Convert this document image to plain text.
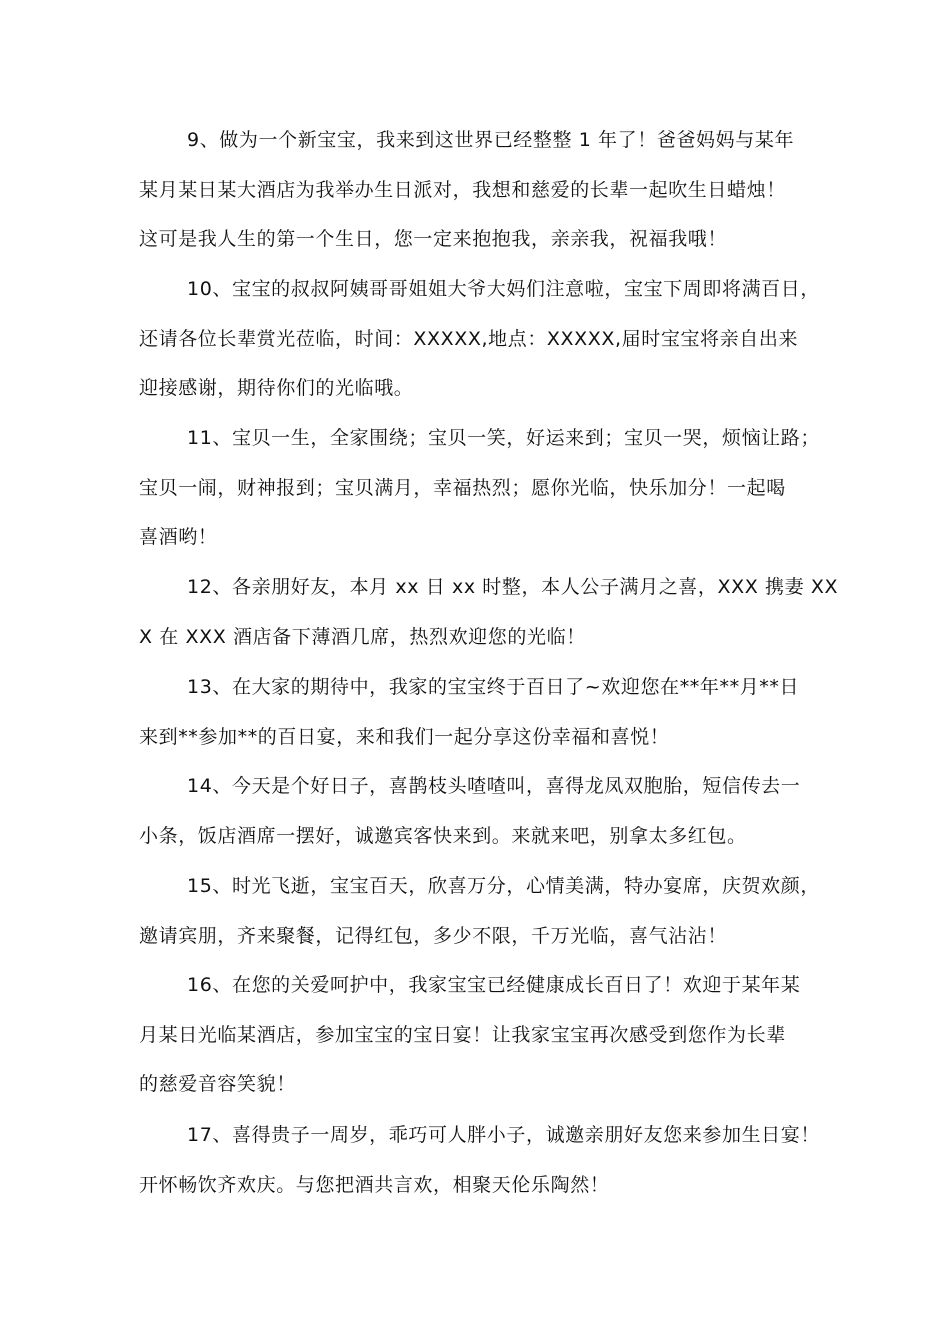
9、做为一个新宝宝，我来到这世界已经整整 1 年了！爸爸妈妈与某年
某月某日某大酒店为我举办生日派对，我想和慈爱的长辈一起吹生日蜡烛！
这可是我人生的第一个生日，您一定来抱抱我，亲亲我，祝福我哦！
10、宝宝的叔叔阿姨哥哥姐姐大爷大妈们注意啦，宝宝下周即将满百日，
还请各位长辈赏光莅临，时间：XXXXX,地点：XXXXX,届时宝宝将亲自出来
迎接感谢，期待你们的光临哦。
11、宝贝一生，全家围绕；宝贝一笑，好运来到；宝贝一哭，烦恼让路；
宝贝一闹，财神报到；宝贝满月，幸福热烈；愿你光临，快乐加分！一起喝
喜酒哟！
12、各亲朋好友，本月 xx 日 xx 时整，本人公子满月之喜，XXX 携妻 XX
X 在 XXX 酒店备下薄酒几席，热烈欢迎您的光临！
13、在大家的期待中，我家的宝宝终于百日了~欢迎您在**年**月**日
来到**参加**的百日宴，来和我们一起分享这份幸福和喜悦！
14、今天是个好日子，喜鹊枝头喳喳叫，喜得龙凤双胞胎，短信传去一
小条，饭店酒席一摆好，诚邀宾客快来到。来就来吧，别拿太多红包。
15、时光飞逝，宝宝百天，欣喜万分，心情美满，特办宴席，庆贺欢颜，
邀请宾朋，齐来聚餐，记得红包，多少不限，千万光临，喜气沾沾！
16、在您的关爱呵护中，我家宝宝已经健康成长百日了！欢迎于某年某
月某日光临某酒店，参加宝宝的宝日宴！让我家宝宝再次感受到您作为长辈
的慈爱音容笑貌！
17、喜得贵子一周岁，乖巧可人胖小子，诚邀亲朋好友您来参加生日宴！
开怀畅饮齐欢庆。与您把酒共言欢，相聚天伦乐陶然！
